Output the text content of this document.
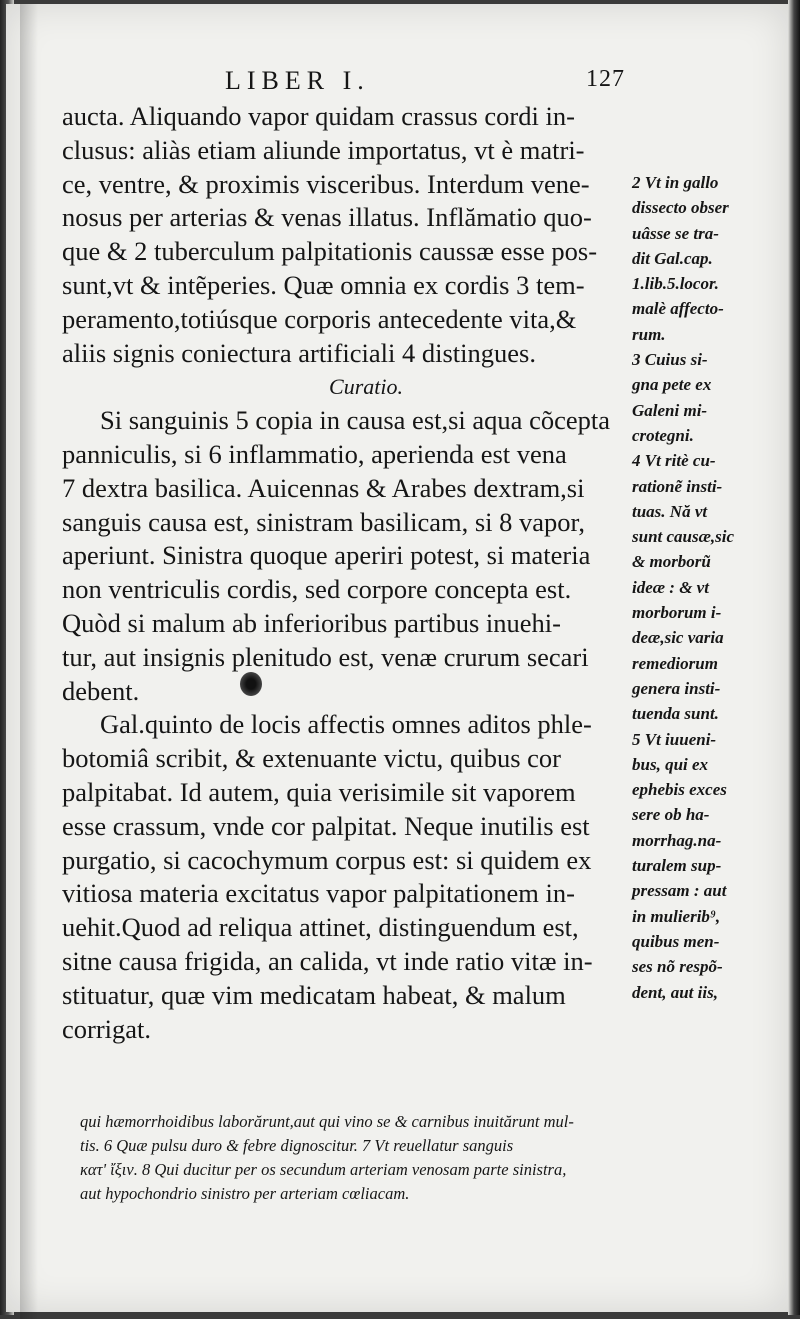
LIBER I.	127
aucta. Aliquando vapor quidam crassus cordi in-
clusus: aliàs etiam aliunde importatus, vt è matri-
ce, ventre, & proximis visceribus. Interdum vene-
nosus per arterias & venas illatus. Inflămatio quo-
que & 2 tuberculum palpitationis caussæ esse pos-
sunt,vt & intẽperies. Quæ omnia ex cordis 3 tem-
peramento,totiúsque corporis antecedente vita,&
aliis signis coniectura artificiali 4 distingues.
Curatio.
Si sanguinis 5 copia in causa est,si aqua cõcepta
panniculis, si 6 inflammatio, aperienda est vena
7 dextra basilica. Auicennas & Arabes dextram,si
sanguis causa est, sinistram basilicam, si 8 vapor,
aperiunt. Sinistra quoque aperiri potest, si materia
non ventriculis cordis, sed corpore concepta est.
Quòd si malum ab inferioribus partibus inuehi-
tur, aut insignis plenitudo est, venæ crurum secari
debent.
Gal.quinto de locis affectis omnes aditos phle-
botomiâ scribit, & extenuante victu, quibus cor
palpitabat. Id autem, quia verisimile sit vaporem
esse crassum, vnde cor palpitat. Neque inutilis est
purgatio, si cacochymum corpus est: si quidem ex
vitiosa materia excitatus vapor palpitationem in-
uehit.Quod ad reliqua attinet, distinguendum est,
sitne causa frigida, an calida, vt inde ratio vitæ in-
stituatur, quæ vim medicatam habeat, & malum
corrigat.
2 Vt in gallo
dissecto obser
uâsse se tra-
dit Gal.cap.
1.lib.5.locor.
malè affecto-
rum.
3 Cuius si-
gna pete ex
Galeni mi-
crotegni.
4 Vt ritè cu-
rationẽ insti-
tuas. Nă vt
sunt causæ,sic
& morborũ
ideæ : & vt
morborum i-
deæ,sic varia
remediorum
genera insti-
tuenda sunt.
5 Vt iuueni-
bus, qui ex
ephebis exces
sere ob ha-
morrhag.na-
turalem sup-
pressam : aut
in mulierib⁹,
quibus men-
ses nõ respõ-
dent, aut iis,
qui hæmorrhoidibus laborărunt,aut qui vino se & carnibus inuitărunt mul-
tis. 6 Quæ pulsu duro & febre dignoscitur. 7 Vt reuellatur sanguis
κατ' ἴξιν. 8 Qui ducitur per os secundum arteriam venosam parte sinistra,
aut hypochondrio sinistro per arteriam cœliacam.
